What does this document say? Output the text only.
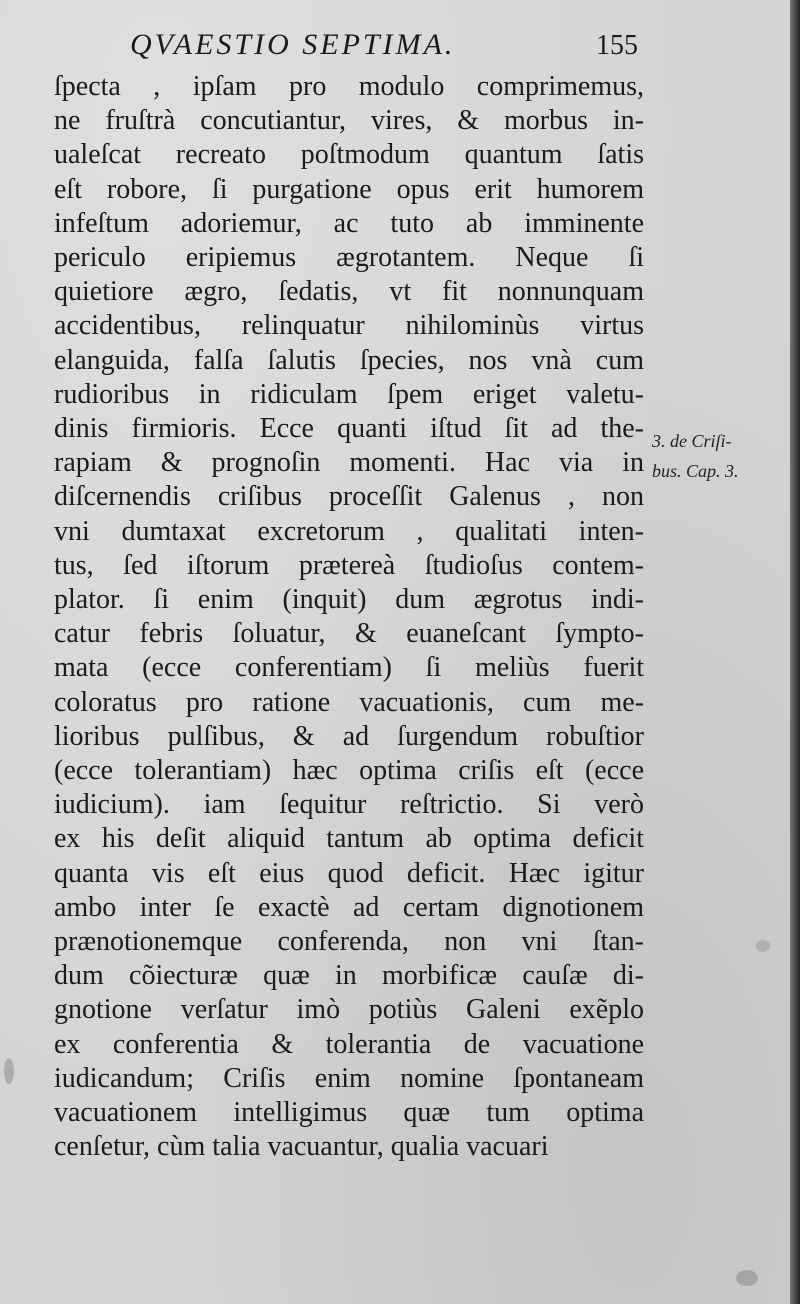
QVAESTIO SEPTIMA.	155
ſpecta , ipſam pro modulo comprimemus,
ne fruſtrà concutiantur, vires, & morbus in-
ualeſcat recreato poſtmodum quantum ſatis
eſt robore, ſi purgatione opus erit humorem
infeſtum adoriemur, ac tuto ab imminente
periculo eripiemus ægrotantem. Neque ſi
quietiore ægro, ſedatis, vt fit nonnunquam
accidentibus, relinquatur nihilominùs virtus
elanguida, falſa ſalutis ſpecies, nos vnà cum
rudioribus in ridiculam ſpem eriget valetu-
dinis firmioris. Ecce quanti iſtud ſit ad the-
rapiam & prognoſin momenti. Hac via in
diſcernendis criſibus proceſſit Galenus , non
vni dumtaxat excretorum , qualitati inten-
tus, ſed iſtorum prætereà ſtudioſus contem-
plator. ſi enim (inquit) dum ægrotus indi-
catur febris ſoluatur, & euaneſcant ſympto-
mata (ecce conferentiam) ſi meliùs fuerit
coloratus pro ratione vacuationis, cum me-
lioribus pulſibus, & ad ſurgendum robuſtior
(ecce tolerantiam) hæc optima criſis eſt (ecce
iudicium). iam ſequitur reſtrictio. Si verò
ex his deſit aliquid tantum ab optima deficit
quanta vis eſt eius quod deficit. Hæc igitur
ambo inter ſe exactè ad certam dignotionem
prænotionemque conferenda, non vni ſtan-
dum cõiecturæ quæ in morbificæ cauſæ di-
gnotione verſatur imò potiùs Galeni exẽplo
ex conferentia & tolerantia de vacuatione
iudicandum; Criſis enim nomine ſpontaneam
vacuationem intelligimus quæ tum optima
cenſetur, cùm talia vacuantur, qualia vacuari
3. de Criſi-
bus. Cap. 3.
